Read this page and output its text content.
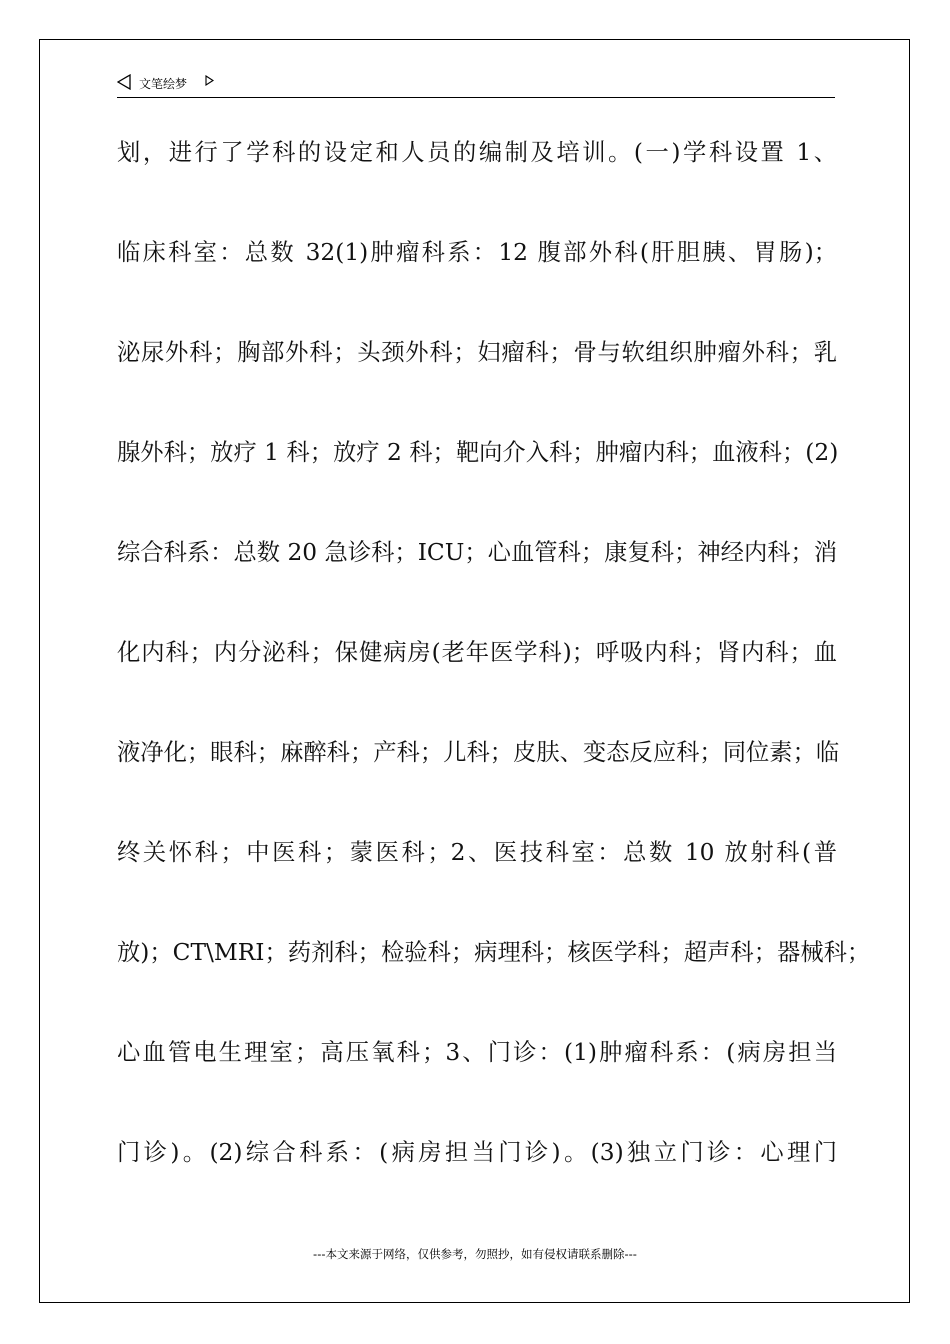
文笔绘梦
划，进行了学科的设定和人员的编制及培训。(一)学科设置 1、
临床科室：总数 32(1)肿瘤科系：12 腹部外科(肝胆胰、胃肠)；
泌尿外科；胸部外科；头颈外科；妇瘤科；骨与软组织肿瘤外科；乳
腺外科；放疗 1 科；放疗 2 科；靶向介入科；肿瘤内科；血液科；(2)
综合科系：总数 20 急诊科；ICU；心血管科；康复科；神经内科；消
化内科；内分泌科；保健病房(老年医学科)；呼吸内科；肾内科；血
液净化；眼科；麻醉科；产科；儿科；皮肤、变态反应科；同位素；临
终关怀科；中医科；蒙医科；2、医技科室：总数 10 放射科(普
放)；CT\MRI；药剂科；检验科；病理科；核医学科；超声科；器械科；
心血管电生理室；高压氧科；3、门诊：(1)肿瘤科系：(病房担当
门诊)。(2)综合科系：(病房担当门诊)。(3)独立门诊：心理门
---本文来源于网络，仅供参考，勿照抄，如有侵权请联系删除---
